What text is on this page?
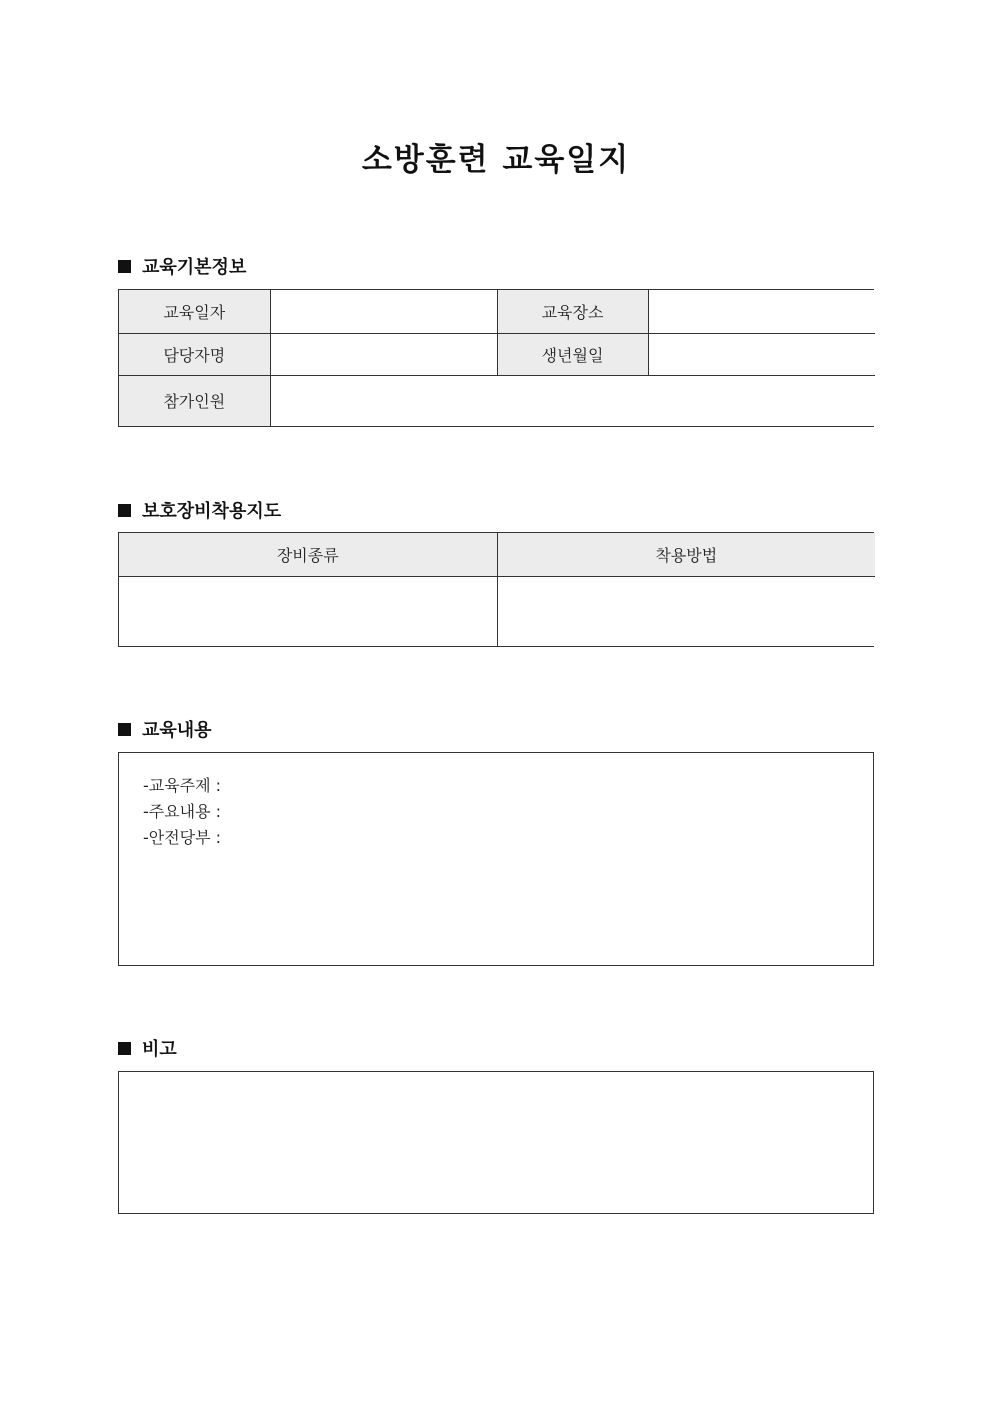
소방훈련 교육일지
교육기본정보
교육일자		교육장소	
담당자명		생년월일	
참가인원			
보호장비착용지도
장비종류	착용방법

교육내용
-교육주제 :
-주요내용 :
-안전당부 :
비고
